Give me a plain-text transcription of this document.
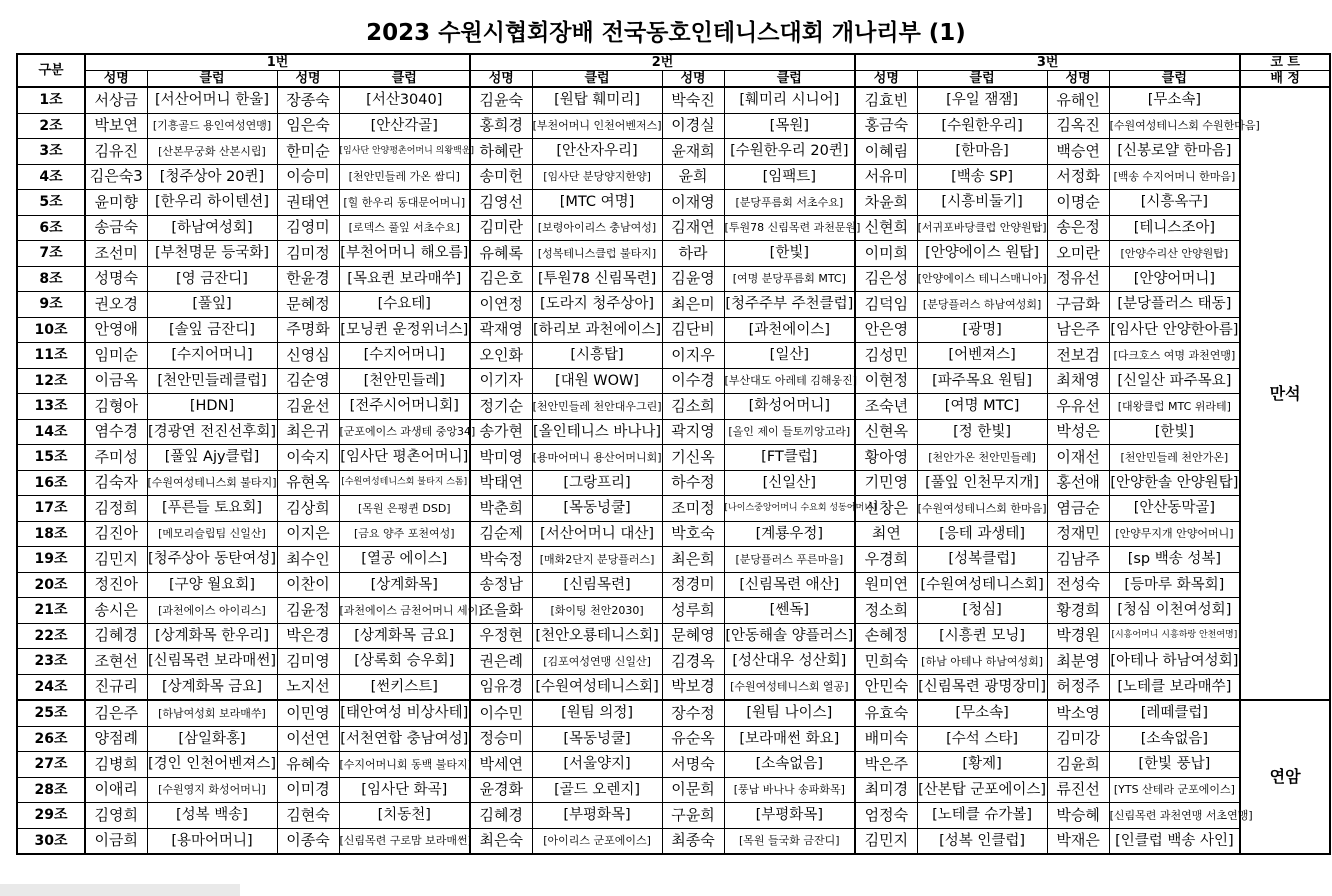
2023 수원시협회장배 전국동호인테니스대회 개나리부 (1)
구분	1번				2번				3번				코 트
	성명	클럽	성명	클럽	성명	클럽	성명	클럽	성명	클럽	성명	클럽	배 정
1조	서상금	[서산어머니 한울]	장종숙	[서산3040]	김윤숙	[원탑 훼미리]	박숙진	[훼미리 시니어]	김효빈	[우일 잼잼]	유해인	[무소속]	만석
2조	박보연	[기흥골드 용인여성연맹]	임은숙	[안산각골]	홍희경	[부천어머니 인천어벤저스]	이경실	[목원]	홍금숙	[수원한우리]	김옥진	[수원여성테니스회 수원한마음]	
3조	김유진	[산본무궁화 산본시립]	한미순	[임사단 안양평촌어머니 의왕백운]	하혜란	[안산자우리]	윤재희	[수원한우리 20퀸]	이혜림	[한마음]	백승연	[신봉로얄 한마음]	
4조	김은숙3	[청주상아 20퀸]	이승미	[천안민들레 가온 쌈디]	송미헌	[임사단 분당양지한양]	윤희	[임팩트]	서유미	[백송 SP]	서정화	[백송 수지어머니 한마음]	
5조	윤미향	[한우리 하이텐션]	권태연	[힐 한우리 동대문어머니]	김영선	[MTC 여명]	이재영	[분당푸름회 서초수요]	차윤희	[시흥비둘기]	이명순	[시흥옥구]	
6조	송금숙	[하남여성회]	김영미	[로덱스 풀잎 서초수요]	김미란	[보령아이리스 충남여성]	김재연	[투원78 신림목련 과천문원]	신현희	[서귀포바당클럽 안양원탑]	송은정	[테니스조아]	
7조	조선미	[부천명문 등국화]	김미정	[부천어머니 해오름]	유혜록	[성복테니스클럽 불타지]	하라	[한빛]	이미희	[안양에이스 원탑]	오미란	[안양수리산 안양원탑]	
8조	성명숙	[영 금잔디]	한윤경	[목요퀸 보라매쑤]	김은호	[투원78 신림목련]	김윤영	[여명 분당푸름회 MTC]	김은성	[안양에이스 테니스매니아]	정유선	[안양어머니]	
9조	권오경	[풀잎]	문혜정	[수요테]	이연정	[도라지 청주상아]	최은미	[청주주부 주천클럽]	김덕임	[분당플러스 하남여성회]	구금화	[분당플러스 태동]	
10조	안영애	[솔잎 금잔디]	주명화	[모닝퀸 운정위너스]	곽재영	[하리보 과천에이스]	김단비	[과천에이스]	안은영	[광명]	남은주	[임사단 안양한아름]	
11조	임미순	[수지어머니]	신영심	[수지어머니]	오인화	[시흥탑]	이지우	[일산]	김성민	[어벤져스]	전보검	[다크호스 여명 과천연맹]	
12조	이금옥	[천안민들레클럽]	김순영	[천안민들레]	이기자	[대원 WOW]	이수경	[부산대도 아레테 김해웅진]	이현정	[파주목요 원팀]	최채영	[신일산 파주목요]	
13조	김형아	[HDN]	김윤선	[전주시어머니회]	정기순	[천안민들레 천안대우그린]	김소희	[화성어머니]	조숙년	[여명 MTC]	우유선	[대왕클럽 MTC 위라테]	
14조	염수경	[경광연 전진선후회]	최은귀	[군포에이스 과생테 중앙34]	송가현	[올인테니스 바나나]	곽지영	[올인 제이 들토끼앙고라]	신현옥	[정 한빛]	박성은	[한빛]	
15조	주미성	[풀잎 Ajy클럽]	이숙지	[임사단 평촌어머니]	박미영	[용마어머니 용산어머니회]	기신옥	[FT클럽]	황아영	[천안가온 천안민들레]	이재선	[천안민들레 천안가온]	
16조	김숙자	[수원여성테니스회 불타지]	유현옥	[수원여성테니스회 불타지 스톰]	박태연	[그랑프리]	하수정	[신일산]	기민영	[풀잎 인천무지개]	홍선애	[안양한솔 안양원탑]	
17조	김정희	[푸른들 토요회]	김상희	[목원 은평퀸 DSD]	박춘희	[목동넝쿨]	조미정	[나이스중앙어머니 수요회 성동어머니]	신창은	[수원여성테니스회 한마음]	염금순	[안산동막골]	
18조	김진아	[메모리슬립팀 신일산]	이지은	[금요 양주 포천여성]	김순제	[서산어머니 대산]	박호숙	[계룡우정]	최연	[응테 과생테]	정재민	[안양무지개 안양어머니]	
19조	김민지	[청주상아 동탄여성]	최수인	[열공 에이스]	박숙정	[매화2단지 분당플러스]	최은희	[분당플러스 푸른마을]	우경희	[성복클럽]	김남주	[sp 백송 성복]	
20조	정진아	[구양 월요회]	이찬이	[상계화목]	송정남	[신림목련]	정경미	[신림목련 애산]	원미연	[수원여성테니스회]	전성숙	[등마루 화목회]	
21조	송시은	[과천에이스 아이리스]	김윤정	[과천에이스 금천어머니 세이]	조을화	[화이팅 천안2030]	성루희	[쎈독]	정소희	[청심]	황경희	[청심 이천여성회]	
22조	김혜경	[상계화목 한우리]	박은경	[상계화목 금요]	우정현	[천안오룡테니스회]	문혜영	[안동해솔 양플러스]	손혜정	[시흥퀸 모닝]	박경원	[시흥어머니 시흥하랑 안천여명]	
23조	조현선	[신림목련 보라매썬]	김미영	[상록회 승우회]	권은례	[김포여성연맹 신일산]	김경옥	[성산대우 성산회]	민희숙	[하남 아테나 하남여성회]	최분영	[아테나 하남여성회]	
24조	진규리	[상계화목 금요]	노지선	[썬키스트]	임유경	[수원여성테니스회]	박보경	[수원여성테니스회 열공]	안민숙	[신림목련 광명장미]	허정주	[노테클 보라매쑤]	
25조	김은주	[하남여성회 보라매쑤]	이민영	[태안여성 비상사테]	이수민	[원팀 의정]	장수정	[원팀 나이스]	유효숙	[무소속]	박소영	[레떼클럽]	연암
26조	양점례	[삼일화홍]	이선연	[서천연합 충남여성]	정승미	[목동넝쿨]	유순옥	[보라매썬 화요]	배미숙	[수석 스타]	김미강	[소속없음]	
27조	김병희	[경인 인천어벤져스]	유혜숙	[수지어머니회 동백 불타지]	박세연	[서울양지]	서명숙	[소속없음]	박은주	[황제]	김윤희	[한빛 풍납]	
28조	이애리	[수원영지 화성어머니]	이미경	[임사단 화곡]	윤경화	[골드 오렌지]	이문희	[풍납 바나나 송파화목]	최미경	[산본탑 군포에이스]	류진선	[YTS 산테라 군포에이스]	
29조	김영희	[성복 백송]	김현숙	[치동천]	김혜경	[부평화목]	구윤희	[부평화목]	엄정숙	[노테클 슈가볼]	박승혜	[신림목련 과천연맹 서초연맹]	
30조	이금희	[용마어머니]	이종숙	[신림목련 구로맘 보라매썬]	최은숙	[아이리스 군포에이스]	최종숙	[목원 들국화 금잔디]	김민지	[성복 인클럽]	박재은	[인클럽 백송 사인]	
